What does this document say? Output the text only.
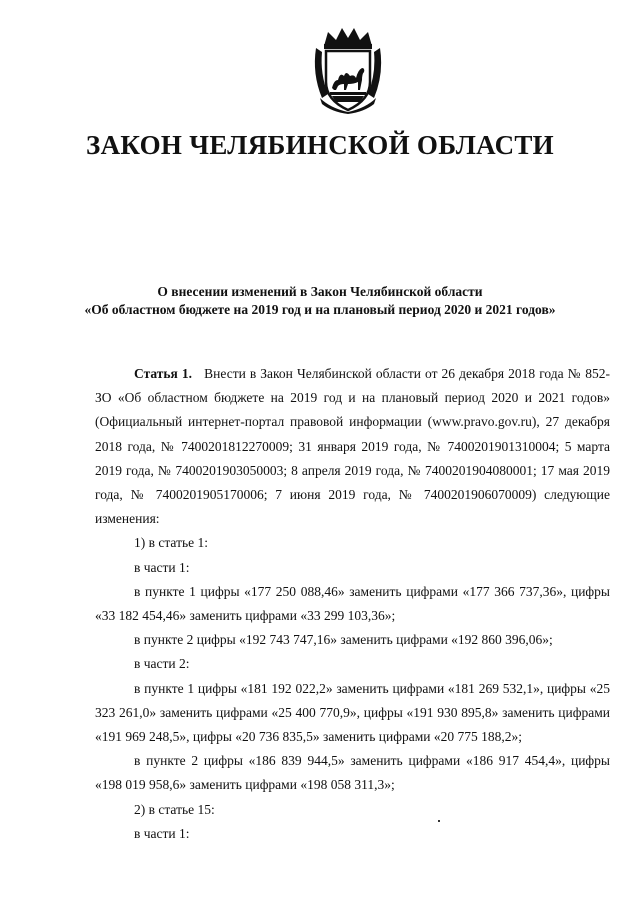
ЗАКОН ЧЕЛЯБИНСКОЙ ОБЛАСТИ
О внесении изменений в Закон Челябинской области
«Об областном бюджете на 2019 год и на плановый период 2020 и 2021 годов»

Статья 1. Внести в Закон Челябинской области от 26 декабря 2018 года № 852-ЗО «Об областном бюджете на 2019 год и на плановый период 2020 и 2021 годов» (Официальный интернет-портал правовой информации (www.pravo.gov.ru), 27 декабря 2018 года, № 7400201812270009; 31 января 2019 года, № 7400201901310004; 5 марта 2019 года, № 7400201903050003; 8 апреля 2019 года, № 7400201904080001; 17 мая 2019 года, № 7400201905170006; 7 июня 2019 года, № 7400201906070009) следующие изменения:

1) в статье 1:

в части 1:

в пункте 1 цифры «177 250 088,46» заменить цифрами «177 366 737,36», цифры «33 182 454,46» заменить цифрами «33 299 103,36»;

в пункте 2 цифры «192 743 747,16» заменить цифрами «192 860 396,06»;

в части 2:

в пункте 1 цифры «181 192 022,2» заменить цифрами «181 269 532,1», цифры «25 323 261,0» заменить цифрами «25 400 770,9», цифры «191 930 895,8» заменить цифрами «191 969 248,5», цифры «20 736 835,5» заменить цифрами «20 775 188,2»;

в пункте 2 цифры «186 839 944,5» заменить цифрами «186 917 454,4», цифры «198 019 958,6» заменить цифрами «198 058 311,3»;

2) в статье 15:

в части 1:
